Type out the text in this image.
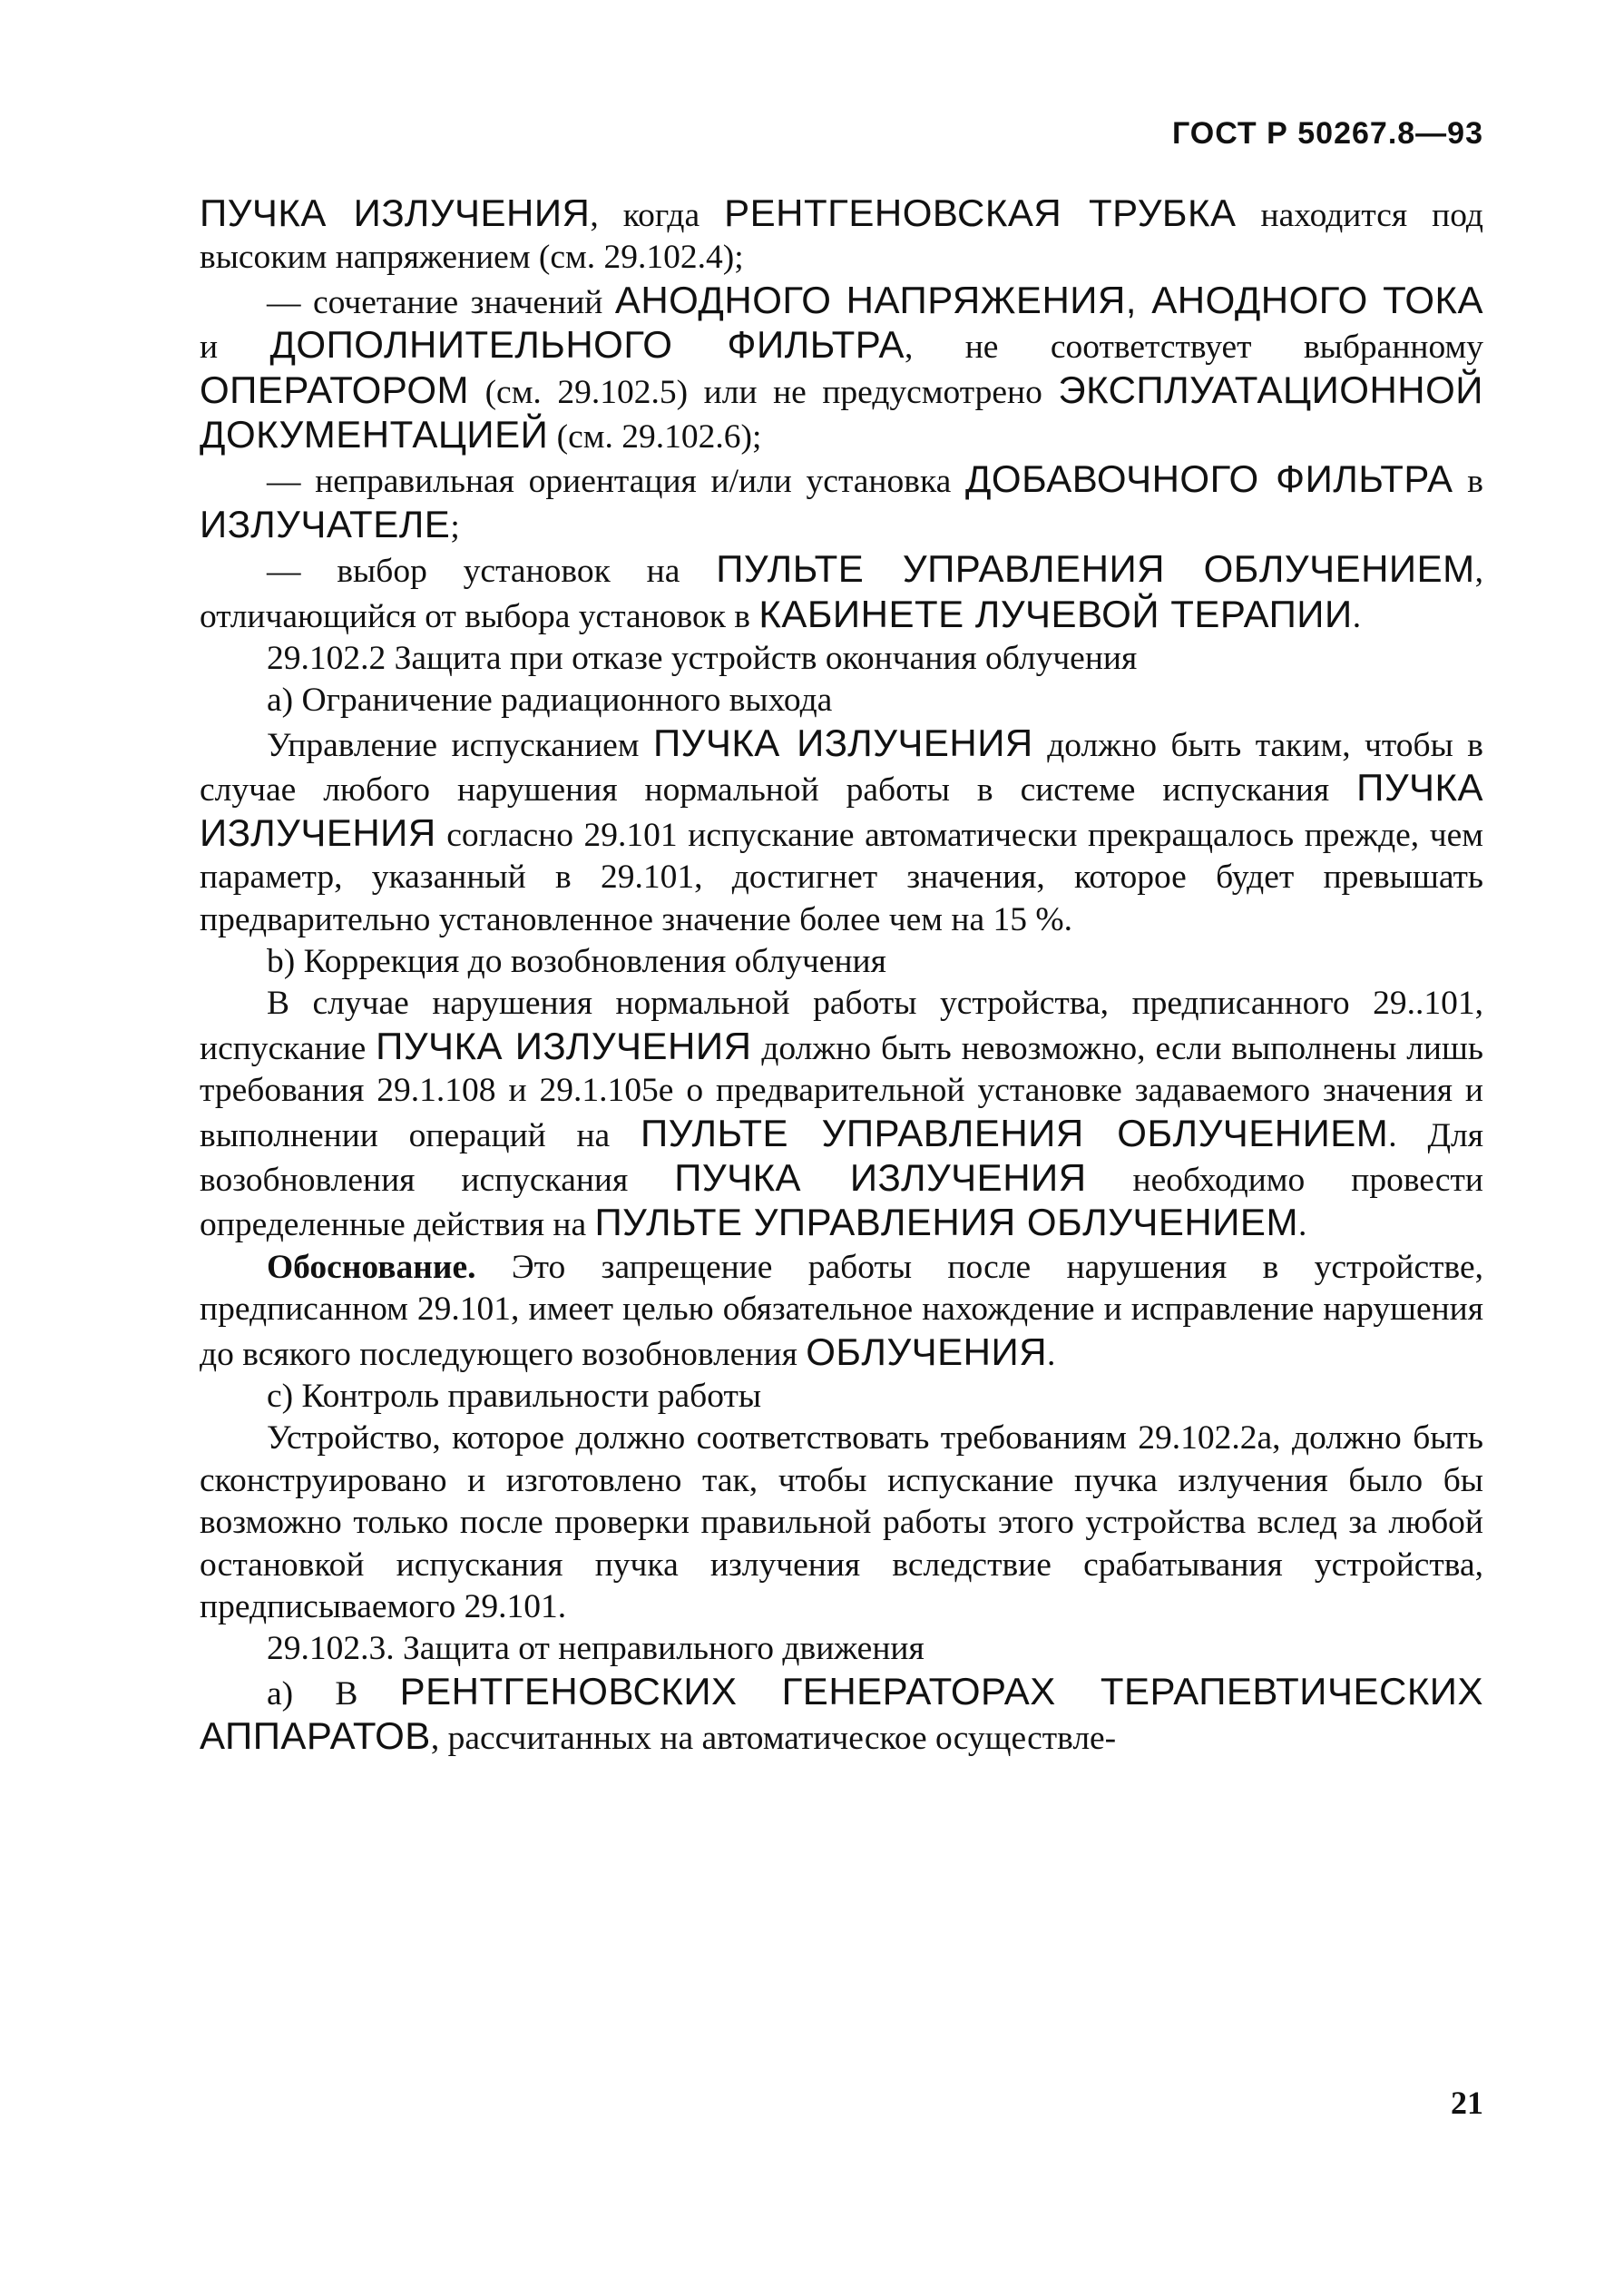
ГОСТ Р 50267.8—93

ПУЧКА ИЗЛУЧЕНИЯ, когда РЕНТГЕНОВСКАЯ ТРУБКА находится под высоким напряжением (см. 29.102.4);

— сочетание значений АНОДНОГО НАПРЯЖЕНИЯ, АНОДНОГО ТОКА и ДОПОЛНИТЕЛЬНОГО ФИЛЬТРА, не соответствует выбранному ОПЕРАТОРОМ (см. 29.102.5) или не предусмотрено ЭКСПЛУАТАЦИОННОЙ ДОКУМЕНТАЦИЕЙ (см. 29.102.6);

— неправильная ориентация и/или установка ДОБАВОЧНОГО ФИЛЬТРА в ИЗЛУЧАТЕЛЕ;

— выбор установок на ПУЛЬТЕ УПРАВЛЕНИЯ ОБЛУЧЕНИЕМ, отличающийся от выбора установок в КАБИНЕТЕ ЛУЧЕВОЙ ТЕРАПИИ.

29.102.2 Защита при отказе устройств окончания облучения

а) Ограничение радиационного выхода

Управление испусканием ПУЧКА ИЗЛУЧЕНИЯ должно быть таким, чтобы в случае любого нарушения нормальной работы в системе испускания ПУЧКА ИЗЛУЧЕНИЯ согласно 29.101 испускание автоматически прекращалось прежде, чем параметр, указанный в 29.101, достигнет значения, которое будет превышать предварительно установленное значение более чем на 15 %.

b) Коррекция до возобновления облучения

В случае нарушения нормальной работы устройства, предписанного 29..101, испускание ПУЧКА ИЗЛУЧЕНИЯ должно быть невозможно, если выполнены лишь требования 29.1.108 и 29.1.105е о предварительной установке задаваемого значения и выполнении операций на ПУЛЬТЕ УПРАВЛЕНИЯ ОБЛУЧЕНИЕМ. Для возобновления испускания ПУЧКА ИЗЛУЧЕНИЯ необходимо провести определенные действия на ПУЛЬТЕ УПРАВЛЕНИЯ ОБЛУЧЕНИЕМ.

Обоснование. Это запрещение работы после нарушения в устройстве, предписанном 29.101, имеет целью обязательное нахождение и исправление нарушения до всякого последующего возобновления ОБЛУЧЕНИЯ.

с) Контроль правильности работы

Устройство, которое должно соответствовать требованиям 29.102.2а, должно быть сконструировано и изготовлено так, чтобы испускание пучка излучения было бы возможно только после проверки правильной работы этого устройства вслед за любой остановкой испускания пучка излучения вследствие срабатывания устройства, предписываемого 29.101.

29.102.3. Защита от неправильного движения

а) В РЕНТГЕНОВСКИХ ГЕНЕРАТОРАХ ТЕРАПЕВТИЧЕСКИХ АППАРАТОВ, рассчитанных на автоматическое осуществле-

21
